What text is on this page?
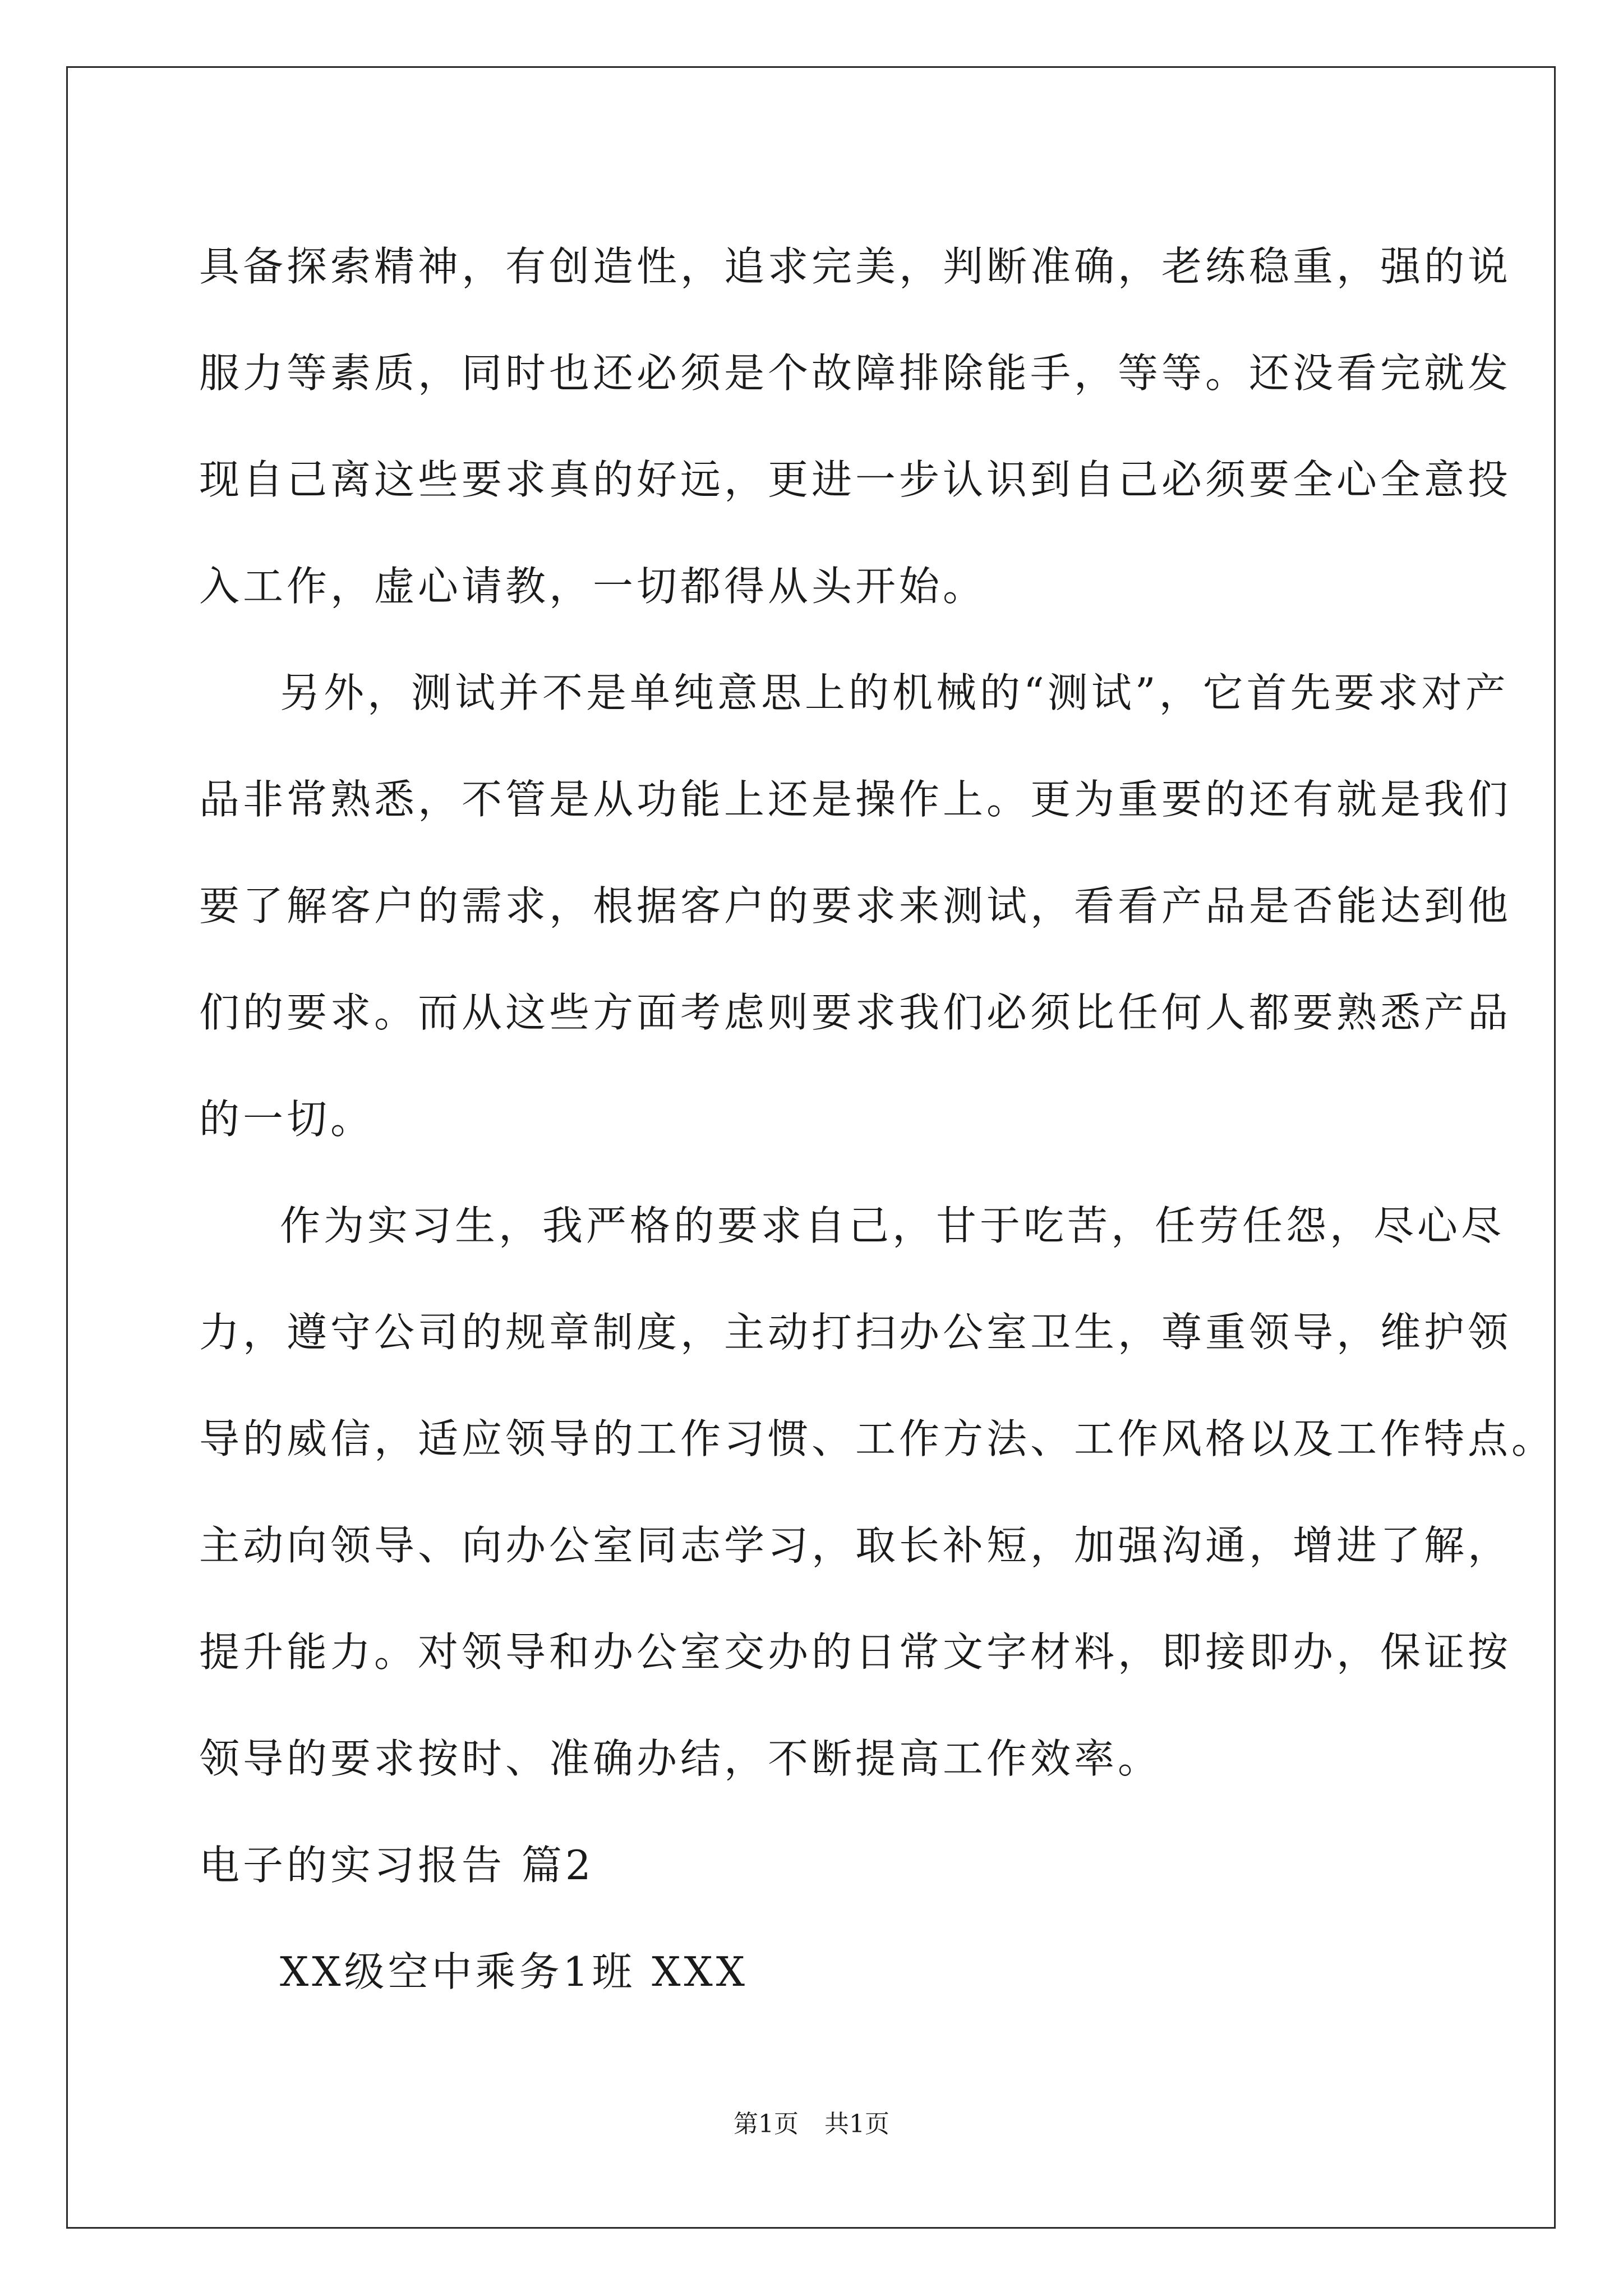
具备探索精神，有创造性，追求完美，判断准确，老练稳重，强的说
服力等素质，同时也还必须是个故障排除能手，等等。还没看完就发
现自己离这些要求真的好远，更进一步认识到自己必须要全心全意投
入工作，虚心请教，一切都得从头开始。
另外，测试并不是单纯意思上的机械的“测试”，它首先要求对产
品非常熟悉，不管是从功能上还是操作上。更为重要的还有就是我们
要了解客户的需求，根据客户的要求来测试，看看产品是否能达到他
们的要求。而从这些方面考虑则要求我们必须比任何人都要熟悉产品
的一切。
作为实习生，我严格的要求自己，甘于吃苦，任劳任怨，尽心尽
力，遵守公司的规章制度，主动打扫办公室卫生，尊重领导，维护领
导的威信，适应领导的工作习惯、工作方法、工作风格以及工作特点。
主动向领导、向办公室同志学习，取长补短，加强沟通，增进了解，
提升能力。对领导和办公室交办的日常文字材料，即接即办，保证按
领导的要求按时、准确办结，不断提高工作效率。
电子的实习报告 篇2
XX级空中乘务1班 XXX
第1页 共1页
